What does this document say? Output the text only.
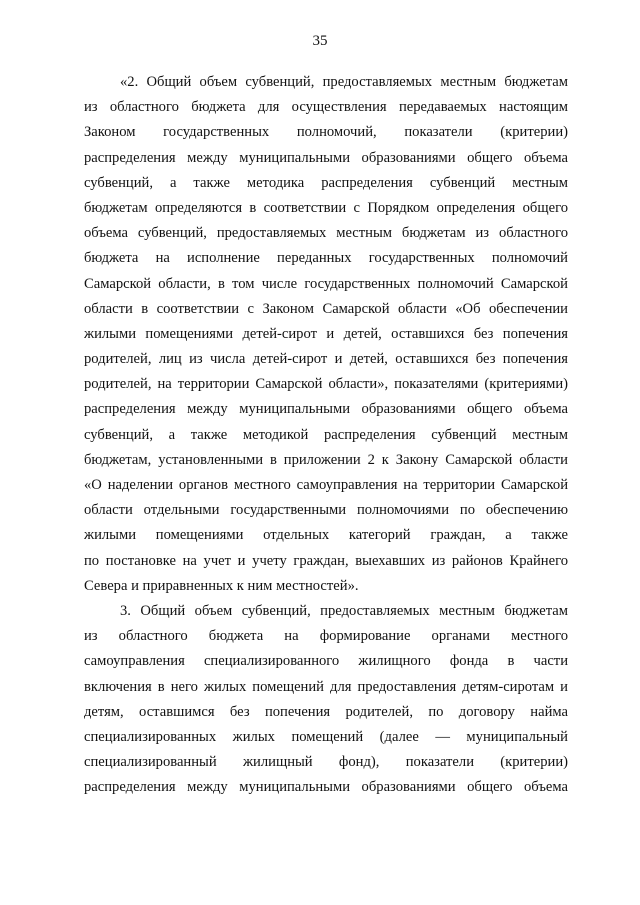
35

«2. Общий объем субвенций, предоставляемых местным бюджетам
из областного бюджета для осуществления передаваемых настоящим
Законом государственных полномочий, показатели (критерии)
распределения между муниципальными образованиями общего объема
субвенций, а также методика распределения субвенций местным
бюджетам определяются в соответствии с Порядком определения общего
объема субвенций, предоставляемых местным бюджетам из областного
бюджета на исполнение переданных государственных полномочий
Самарской области, в том числе государственных полномочий Самарской
области в соответствии с Законом Самарской области «Об обеспечении
жилыми помещениями детей-сирот и детей, оставшихся без попечения
родителей, лиц из числа детей-сирот и детей, оставшихся без попечения
родителей, на территории Самарской области», показателями (критериями)
распределения между муниципальными образованиями общего объема
субвенций, а также методикой распределения субвенций местным
бюджетам, установленными в приложении 2 к Закону Самарской области
«О наделении органов местного самоуправления на территории Самарской
области отдельными государственными полномочиями по обеспечению
жилыми помещениями отдельных категорий граждан, а также
по постановке на учет и учету граждан, выехавших из районов Крайнего
Севера и приравненных к ним местностей».

3. Общий объем субвенций, предоставляемых местным бюджетам
из областного бюджета на формирование органами местного
самоуправления специализированного жилищного фонда в части
включения в него жилых помещений для предоставления детям-сиротам и
детям, оставшимся без попечения родителей, по договору найма
специализированных жилых помещений (далее — муниципальный
специализированный жилищный фонд), показатели (критерии)
распределения между муниципальными образованиями общего объема
